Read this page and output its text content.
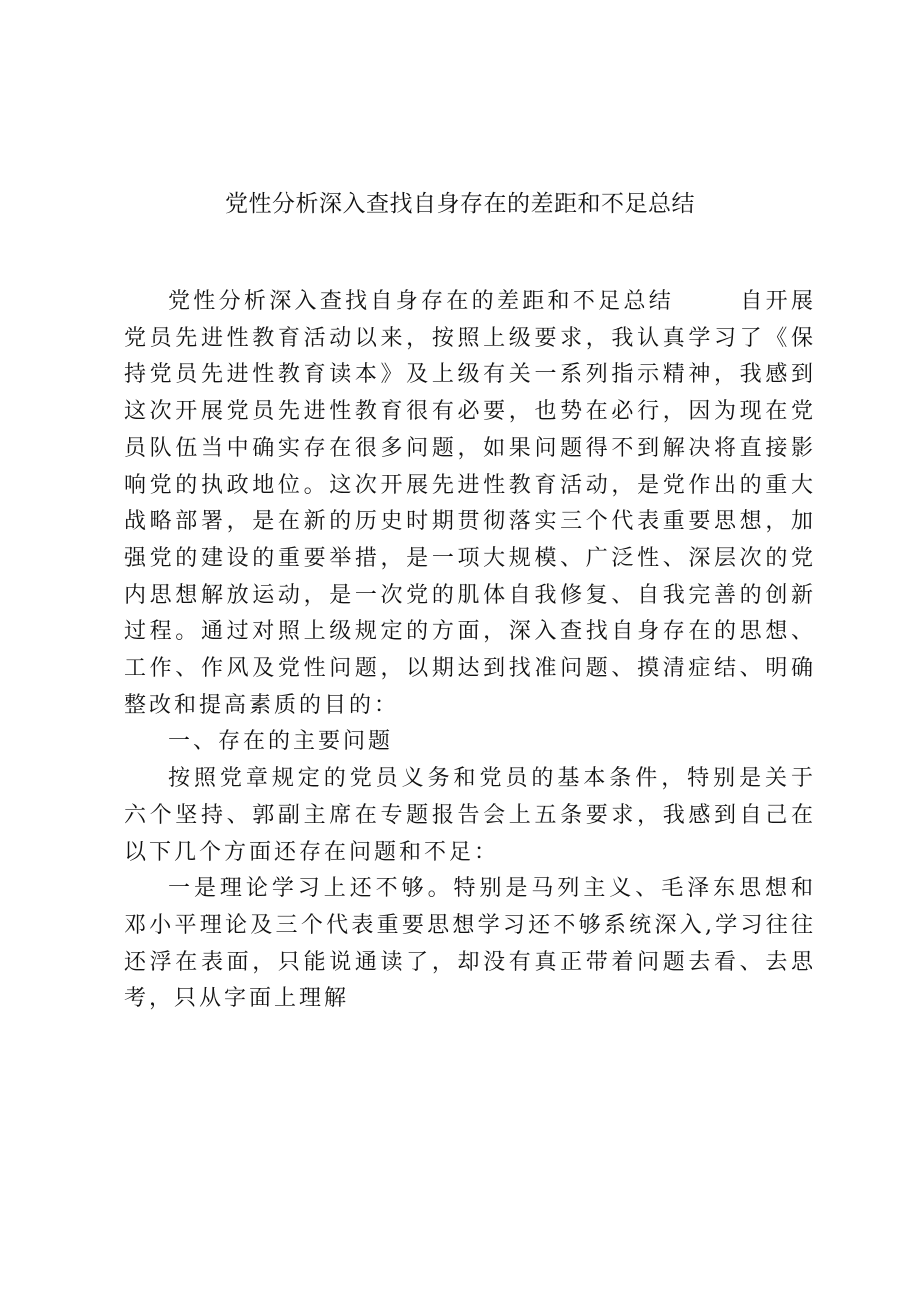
党性分析深入查找自身存在的差距和不足总结

党性分析深入查找自身存在的差距和不足总结	自开展党员先进性教育活动以来，按照上级要求，我认真学习了《保持党员先进性教育读本》及上级有关一系列指示精神，我感到这次开展党员先进性教育很有必要，也势在必行，因为现在党员队伍当中确实存在很多问题，如果问题得不到解决将直接影响党的执政地位。这次开展先进性教育活动，是党作出的重大战略部署，是在新的历史时期贯彻落实三个代表重要思想，加强党的建设的重要举措，是一项大规模、广泛性、深层次的党内思想解放运动，是一次党的肌体自我修复、自我完善的创新过程。通过对照上级规定的方面，深入查找自身存在的思想、工作、作风及党性问题，以期达到找准问题、摸清症结、明确整改和提高素质的目的：

一、存在的主要问题

按照党章规定的党员义务和党员的基本条件，特别是关于六个坚持、郭副主席在专题报告会上五条要求，我感到自己在以下几个方面还存在问题和不足：

一是理论学习上还不够。特别是马列主义、毛泽东思想和邓小平理论及三个代表重要思想学习还不够系统深入,学习往往还浮在表面，只能说通读了，却没有真正带着问题去看、去思考，只从字面上理解
